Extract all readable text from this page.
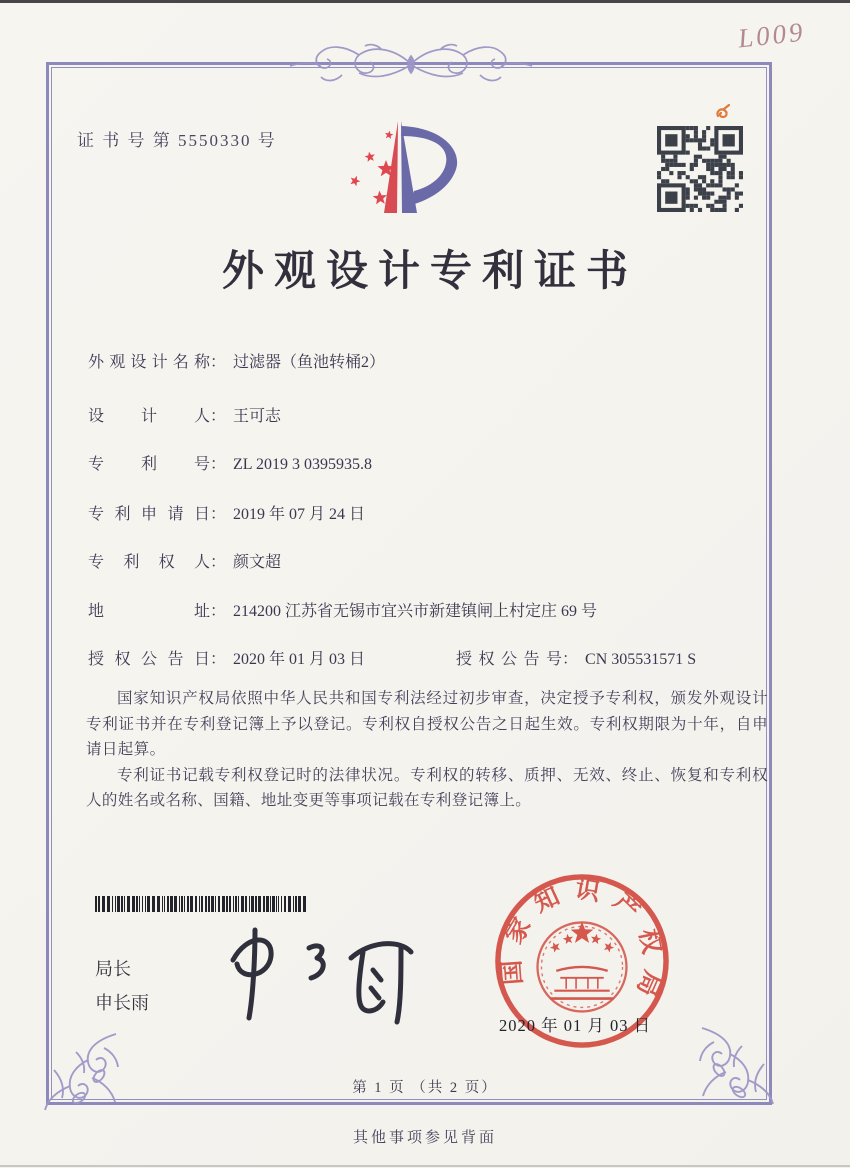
证 书 号 第 5550330 号
L009
外观设计专利证书
外观设计名称： 过滤器（鱼池转桶2）
设计人： 王可志
专利号： ZL 2019 3 0395935.8
专利申请日： 2019 年 07 月 24 日
专利权人： 颜文超
地址： 214200 江苏省无锡市宜兴市新建镇闸上村定庄 69 号
授权公告日： 2020 年 01 月 03 日	授权公告号： CN 305531571 S

国家知识产权局依照中华人民共和国专利法经过初步审查，决定授予专利权，颁发外观设计专利证书并在专利登记簿上予以登记。专利权自授权公告之日起生效。专利权期限为十年，自申请日起算。

专利证书记载专利权登记时的法律状况。专利权的转移、质押、无效、终止、恢复和专利权人的姓名或名称、国籍、地址变更等事项记载在专利登记簿上。

局长
申长雨
国家知识产权局
2020 年 01 月 03 日
第 1 页 （共 2 页）
其他事项参见背面
